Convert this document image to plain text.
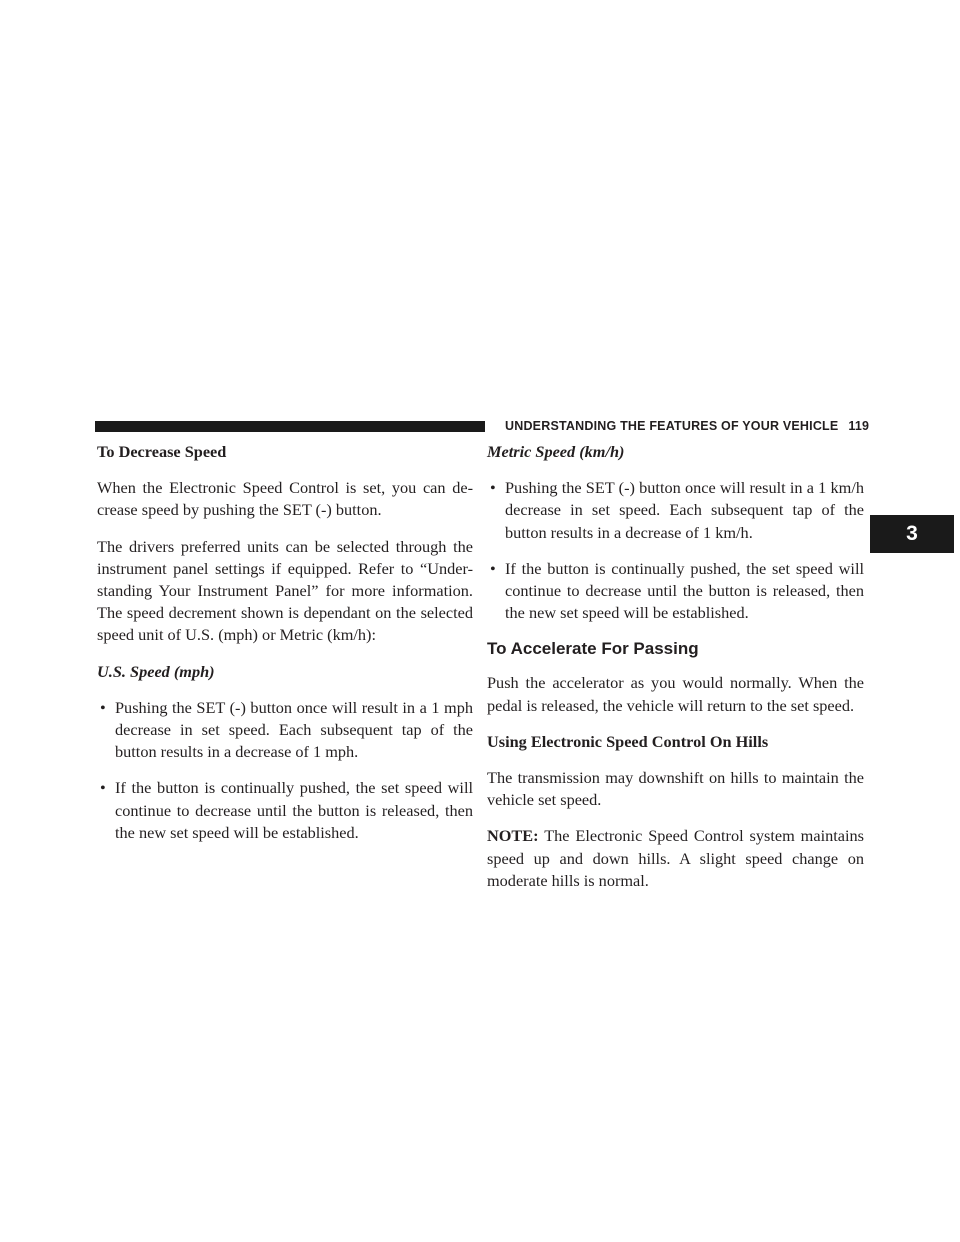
UNDERSTANDING THE FEATURES OF YOUR VEHICLE 119
3
To Decrease Speed

When the Electronic Speed Control is set, you can de- crease speed by pushing the SET (-) button.

The drivers preferred units can be selected through the instrument panel settings if equipped. Refer to “Under- standing Your Instrument Panel” for more information. The speed decrement shown is dependant on the selected speed unit of U.S. (mph) or Metric (km/h):

U.S. Speed (mph)
• Pushing the SET (-) button once will result in a 1 mph decrease in set speed. Each subsequent tap of the button results in a decrease of 1 mph.
• If the button is continually pushed, the set speed will continue to decrease until the button is released, then the new set speed will be established.
Metric Speed (km/h)
• Pushing the SET (-) button once will result in a 1 km/h decrease in set speed. Each subsequent tap of the button results in a decrease of 1 km/h.
• If the button is continually pushed, the set speed will continue to decrease until the button is released, then the new set speed will be established.
To Accelerate For Passing

Push the accelerator as you would normally. When the pedal is released, the vehicle will return to the set speed.

Using Electronic Speed Control On Hills

The transmission may downshift on hills to maintain the vehicle set speed.

NOTE: The Electronic Speed Control system maintains speed up and down hills. A slight speed change on moderate hills is normal.
